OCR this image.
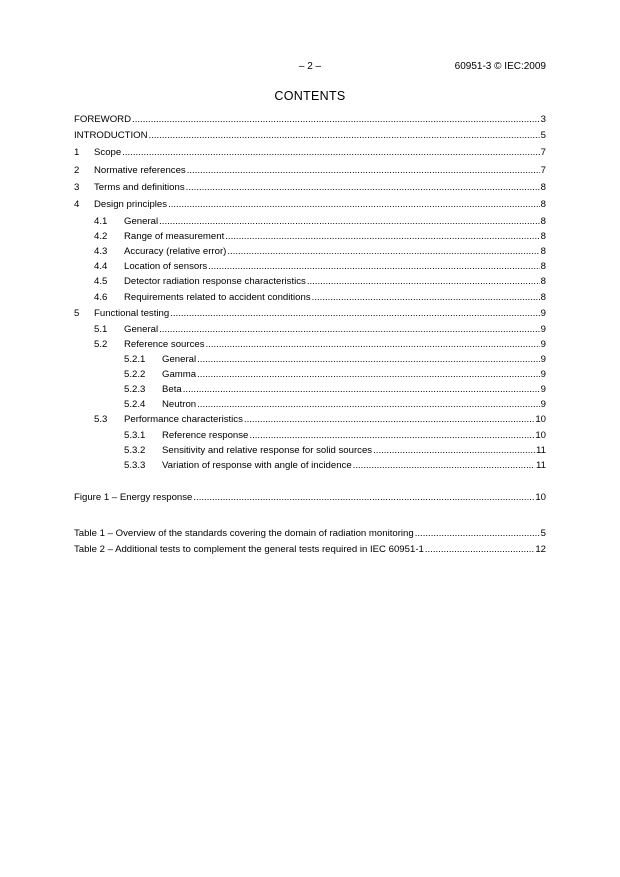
– 2 –	60951-3 © IEC:2009
CONTENTS
FOREWORD .....	3
INTRODUCTION .....	5
1	Scope .....	7
2	Normative references .....	7
3	Terms and definitions .....	8
4	Design principles .....	8
4.1	General .....	8
4.2	Range of measurement .....	8
4.3	Accuracy (relative error) .....	8
4.4	Location of sensors .....	8
4.5	Detector radiation response characteristics .....	8
4.6	Requirements related to accident conditions .....	8
5	Functional testing .....	9
5.1	General .....	9
5.2	Reference sources .....	9
5.2.1	General .....	9
5.2.2	Gamma .....	9
5.2.3	Beta .....	9
5.2.4	Neutron .....	9
5.3	Performance characteristics .....	10
5.3.1	Reference response .....	10
5.3.2	Sensitivity and relative response for solid sources .....	11
5.3.3	Variation of response with angle of incidence .....	11
Figure 1 – Energy response .....	10
Table 1 – Overview of the standards covering the domain of radiation monitoring .....	5
Table 2 – Additional tests to complement the general tests required in IEC 60951-1 .....	12
